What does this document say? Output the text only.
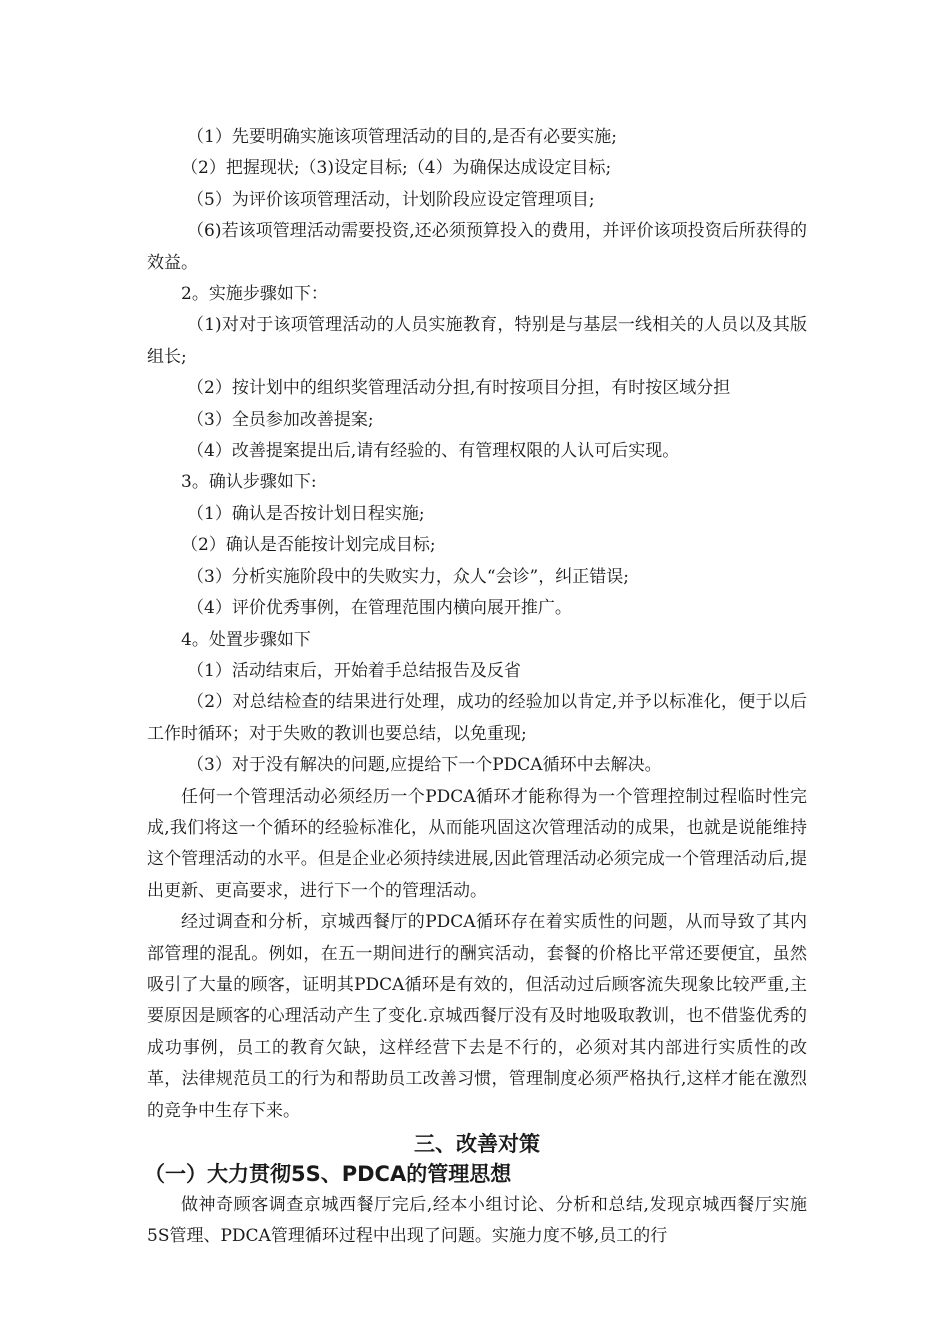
（1）先要明确实施该项管理活动的目的,是否有必要实施;

（2）把握现状;（3)设定目标;（4）为确保达成设定目标;

（5）为评价该项管理活动，计划阶段应设定管理项目;

（6)若该项管理活动需要投资,还必须预算投入的费用，并评价该项投资后所获得的效益。

2。实施步骤如下：

（1)对对于该项管理活动的人员实施教育，特别是与基层一线相关的人员以及其版组长;

（2）按计划中的组织奖管理活动分担,有时按项目分担，有时按区域分担

（3）全员参加改善提案;

（4）改善提案提出后,请有经验的、有管理权限的人认可后实现。

3。确认步骤如下:

（1）确认是否按计划日程实施;

（2）确认是否能按计划完成目标;

（3）分析实施阶段中的失败实力，众人“会诊”，纠正错误;

（4）评价优秀事例，在管理范围内横向展开推广。

4。处置步骤如下

（1）活动结束后，开始着手总结报告及反省

（2）对总结检查的结果进行处理，成功的经验加以肯定,并予以标准化，便于以后工作时循环；对于失败的教训也要总结，以免重现;

（3）对于没有解决的问题,应提给下一个PDCA循环中去解决。

任何一个管理活动必须经历一个PDCA循环才能称得为一个管理控制过程临时性完成,我们将这一个循环的经验标准化，从而能巩固这次管理活动的成果，也就是说能维持这个管理活动的水平。但是企业必须持续进展,因此管理活动必须完成一个管理活动后,提出更新、更高要求，进行下一个的管理活动。

经过调查和分析，京城西餐厅的PDCA循环存在着实质性的问题，从而导致了其内部管理的混乱。例如，在五一期间进行的酬宾活动，套餐的价格比平常还要便宜，虽然吸引了大量的顾客，证明其PDCA循环是有效的，但活动过后顾客流失现象比较严重,主要原因是顾客的心理活动产生了变化.京城西餐厅没有及时地吸取教训，也不借鉴优秀的成功事例，员工的教育欠缺，这样经营下去是不行的，必须对其内部进行实质性的改革，法律规范员工的行为和帮助员工改善习惯，管理制度必须严格执行,这样才能在激烈的竞争中生存下来。

三、改善对策
（一）大力贯彻5S、PDCA的管理思想

做神奇顾客调查京城西餐厅完后,经本小组讨论、分析和总结,发现京城西餐厅实施5S管理、PDCA管理循环过程中出现了问题。实施力度不够,员工的行
